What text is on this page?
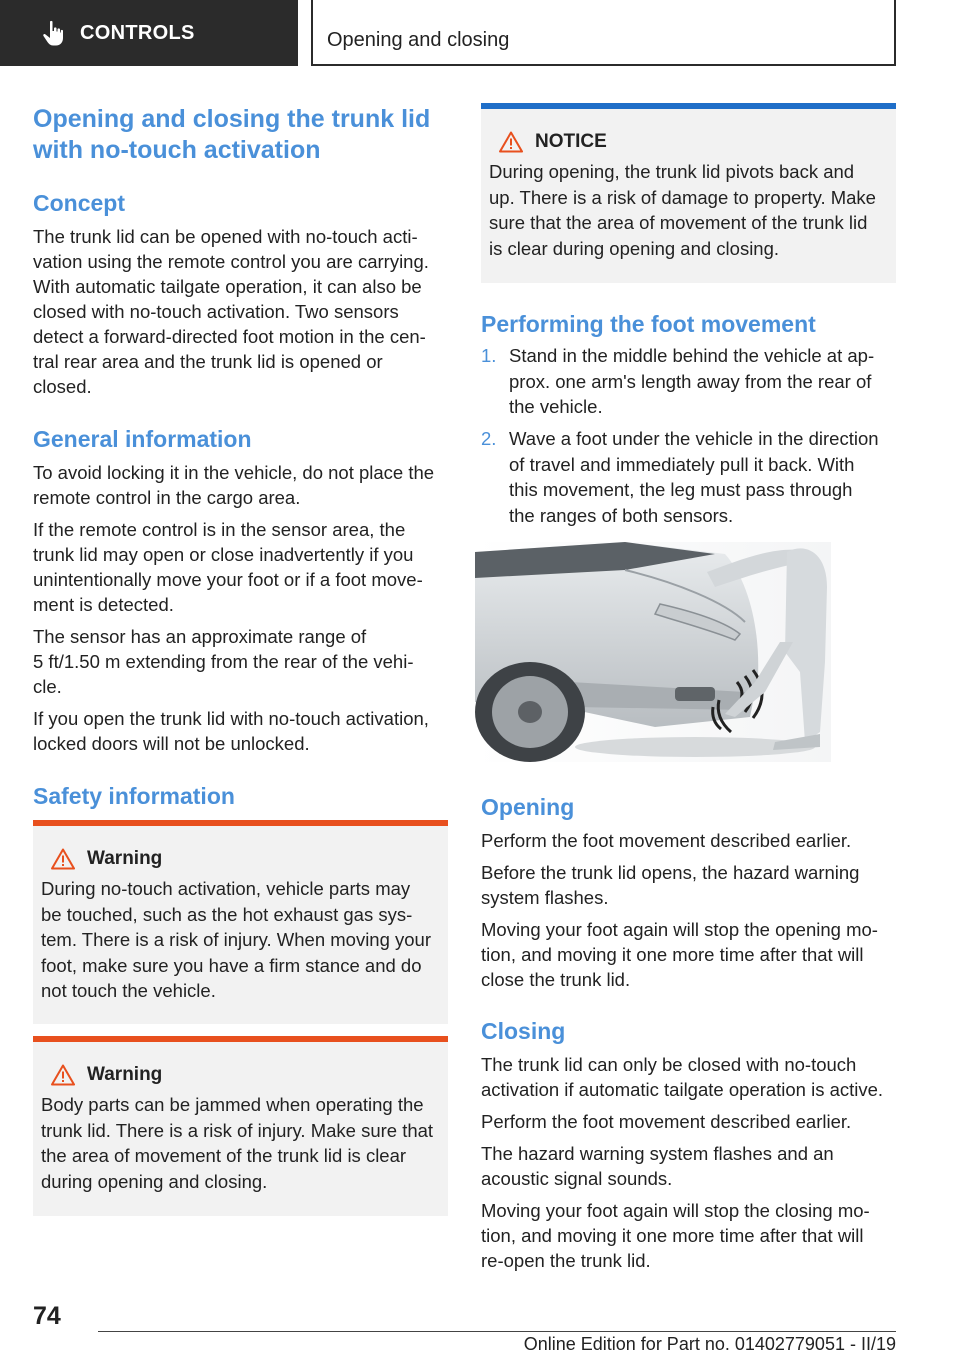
CONTROLS	Opening and closing
Opening and closing the trunk lid
with no-touch activation
Concept
The trunk lid can be opened with no-touch acti-
vation using the remote control you are carrying.
With automatic tailgate operation, it can also be
closed with no-touch activation. Two sensors
detect a forward-directed foot motion in the cen-
tral rear area and the trunk lid is opened or
closed.
General information
To avoid locking it in the vehicle, do not place the
remote control in the cargo area.
If the remote control is in the sensor area, the
trunk lid may open or close inadvertently if you
unintentionally move your foot or if a foot move-
ment is detected.
The sensor has an approximate range of
5 ft/1.50 m extending from the rear of the vehi-
cle.
If you open the trunk lid with no-touch activation,
locked doors will not be unlocked.
Safety information
Warning
During no-touch activation, vehicle parts may
be touched, such as the hot exhaust gas sys-
tem. There is a risk of injury. When moving your
foot, make sure you have a firm stance and do
not touch the vehicle.
Warning
Body parts can be jammed when operating the
trunk lid. There is a risk of injury. Make sure that
the area of movement of the trunk lid is clear
during opening and closing.
NOTICE
During opening, the trunk lid pivots back and
up. There is a risk of damage to property. Make
sure that the area of movement of the trunk lid
is clear during opening and closing.
Performing the foot movement
1. Stand in the middle behind the vehicle at ap-
prox. one arm's length away from the rear of
the vehicle.
2. Wave a foot under the vehicle in the direction
of travel and immediately pull it back. With
this movement, the leg must pass through
the ranges of both sensors.
Opening
Perform the foot movement described earlier.
Before the trunk lid opens, the hazard warning
system flashes.
Moving your foot again will stop the opening mo-
tion, and moving it one more time after that will
close the trunk lid.
Closing
The trunk lid can only be closed with no-touch
activation if automatic tailgate operation is active.
Perform the foot movement described earlier.
The hazard warning system flashes and an
acoustic signal sounds.
Moving your foot again will stop the closing mo-
tion, and moving it one more time after that will
re-open the trunk lid.
74
Online Edition for Part no. 01402779051 - II/19
